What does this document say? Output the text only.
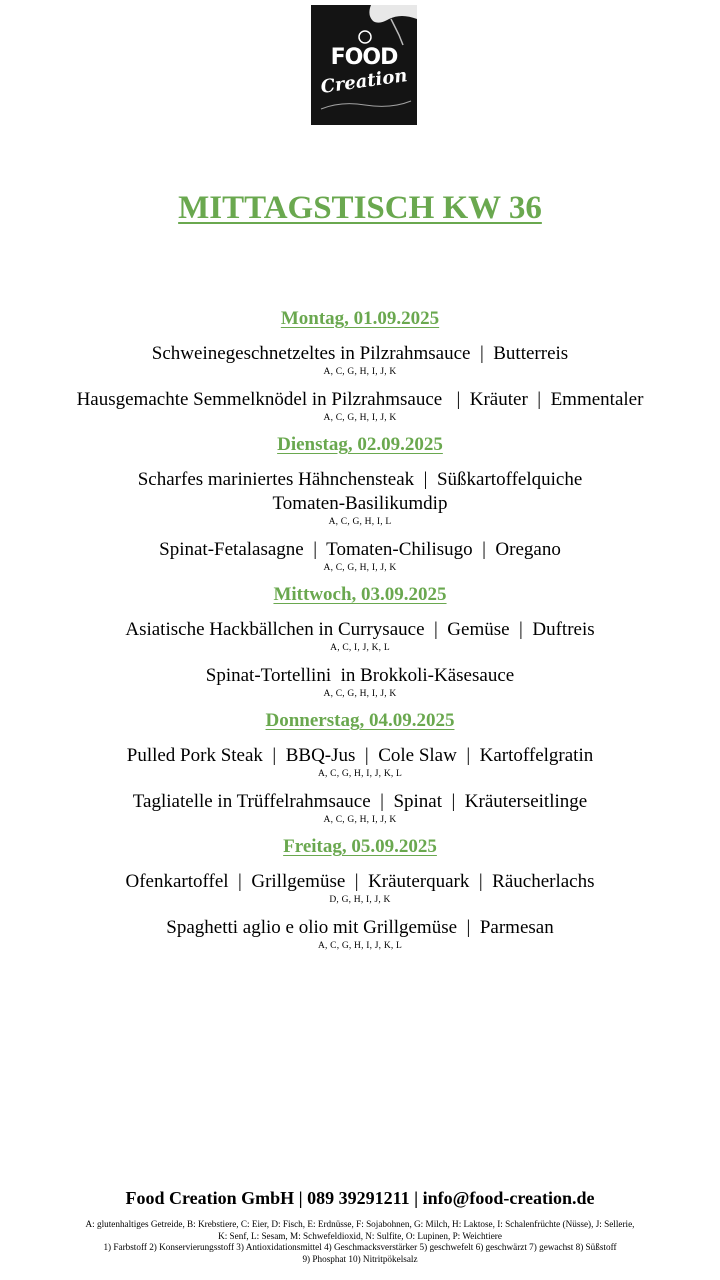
FOOD
Creation
MITTAGSTISCH KW 36

Montag, 01.09.2025

Schweinegeschnetzeltes in Pilzrahmsauce  |  Butterreis
A, C, G, H, I, J, K
Hausgemachte Semmelknödel in Pilzrahmsauce   |  Kräuter  |  Emmentaler
A, C, G, H, I, J, K

Dienstag, 02.09.2025

Scharfes mariniertes Hähnchensteak  |  Süßkartoffelquiche
Tomaten-Basilikumdip
A, C, G, H, I, L
Spinat-Fetalasagne  |  Tomaten-Chilisugo  |  Oregano
A, C, G, H, I, J, K

Mittwoch, 03.09.2025

Asiatische Hackbällchen in Currysauce  |  Gemüse  |  Duftreis
A, C, I, J, K, L
Spinat-Tortellini  in Brokkoli-Käsesauce
A, C, G, H, I, J, K

Donnerstag, 04.09.2025

Pulled Pork Steak  |  BBQ-Jus  |  Cole Slaw  |  Kartoffelgratin
A, C, G, H, I, J, K, L
Tagliatelle in Trüffelrahmsauce  |  Spinat  |  Kräuterseitlinge
A, C, G, H, I, J, K

Freitag, 05.09.2025

Ofenkartoffel  |  Grillgemüse  |  Kräuterquark  |  Räucherlachs
D, G, H, I, J, K
Spaghetti aglio e olio mit Grillgemüse  |  Parmesan
A, C, G, H, I, J, K, L
Food Creation GmbH | 089 39291211 | info@food-creation.de
A: glutenhaltiges Getreide, B: Krebstiere, C: Eier, D: Fisch, E: Erdnüsse, F: Sojabohnen, G: Milch, H: Laktose, I: Schalenfrüchte (Nüsse), J: Sellerie,
K: Senf, L: Sesam, M: Schwefeldioxid, N: Sulfite, O: Lupinen, P: Weichtiere
1) Farbstoff 2) Konservierungsstoff 3) Antioxidationsmittel 4) Geschmacksverstärker 5) geschwefelt 6) geschwärzt 7) gewachst 8) Süßstoff
9) Phosphat 10) Nitritpökelsalz
